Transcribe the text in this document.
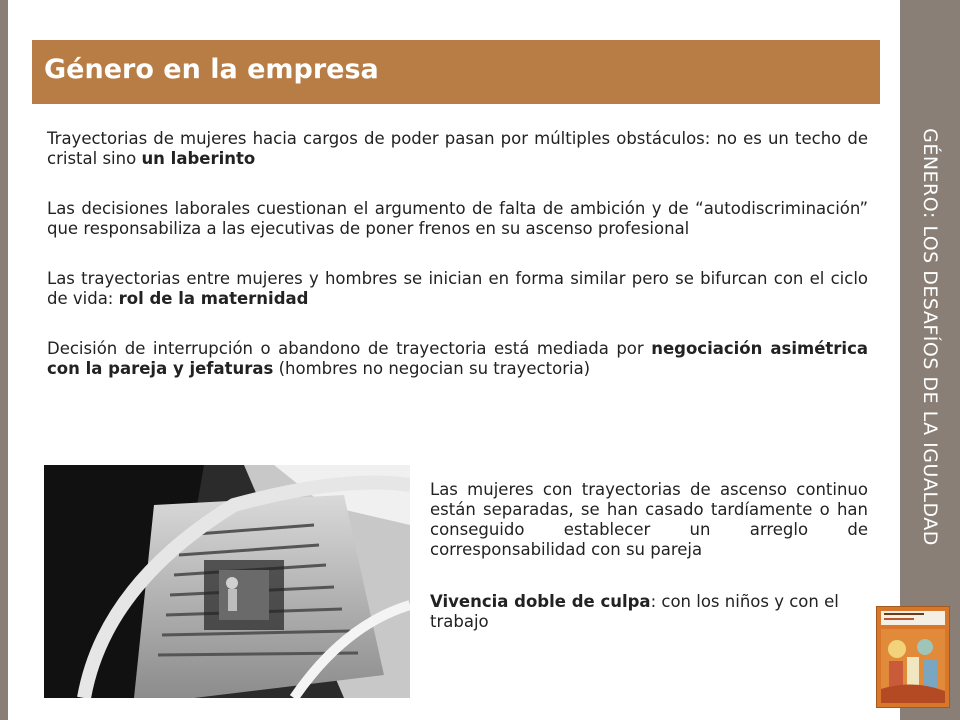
GÉNERO: LOS DESAFÍOS DE LA IGUALDAD
Género en la empresa

Trayectorias de mujeres hacia cargos de poder pasan por múltiples obstáculos: no es un techo de cristal sino un laberinto

Las decisiones laborales cuestionan el argumento de falta de ambición y de “autodiscriminación” que responsabiliza a las ejecutivas de poner frenos en su ascenso profesional

Las trayectorias entre mujeres y hombres se inician en forma similar pero se bifurcan con el ciclo de vida: rol de la maternidad

Decisión de interrupción o abandono de trayectoria está mediada por negociación asimétrica con la pareja y jefaturas (hombres no negocian su trayectoria)

Las mujeres con trayectorias de ascenso continuo están separadas, se han casado tardíamente o han conseguido establecer un arreglo de corresponsabilidad con su pareja

Vivencia doble de culpa: con los niños y con el trabajo
